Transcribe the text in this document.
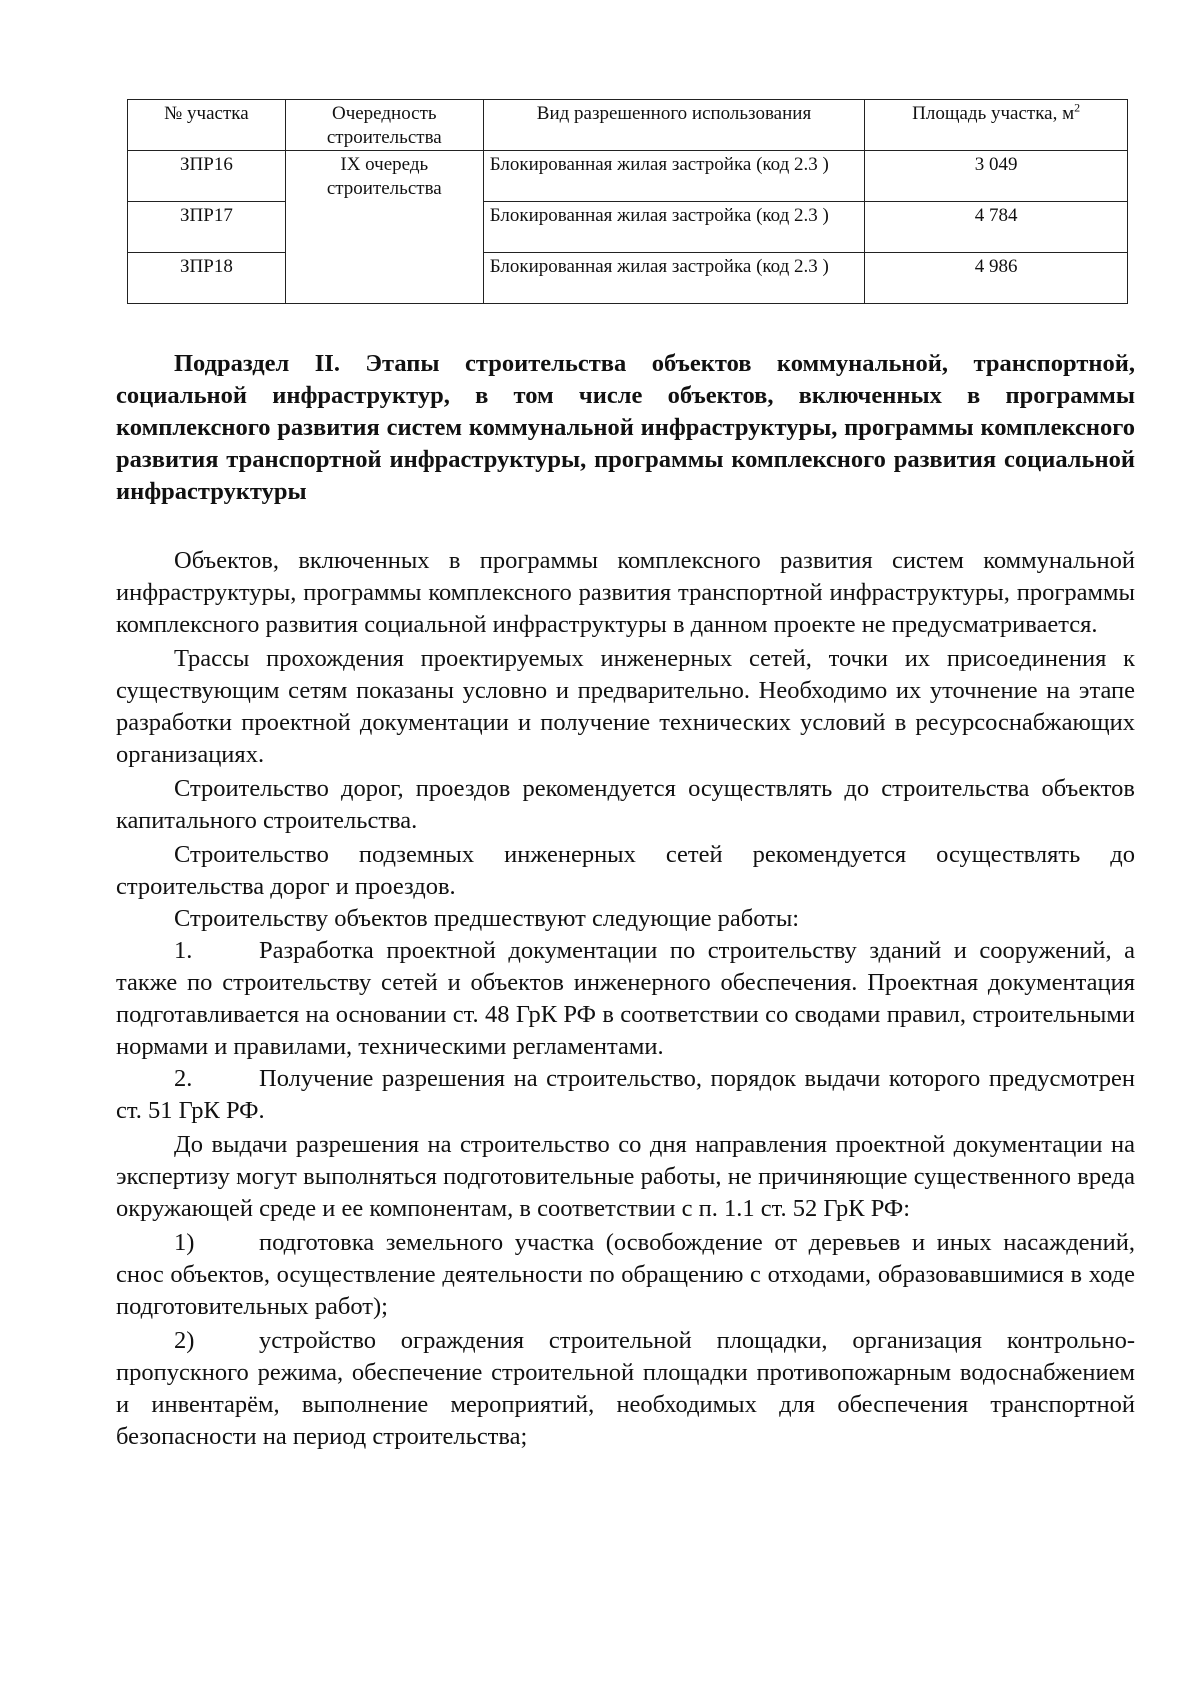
№ участка	Очередность строительства	Вид разрешенного использования	Площадь участка, $м^2$
ЗПР16	IX очередь строительства	Блокированная жилая застройка (код 2.3 )	3 049
ЗПР17		Блокированная жилая застройка (код 2.3 )	4 784
ЗПР18		Блокированная жилая застройка (код 2.3 )	4 986
Подраздел II. Этапы строительства объектов коммунальной, транспортной, социальной инфраструктур, в том числе объектов, включенных в программы комплексного развития систем коммунальной инфраструктуры, программы комплексного развития транспортной инфраструктуры, программы комплексного развития социальной инфраструктуры

Объектов, включенных в программы комплексного развития систем коммунальной инфраструктуры, программы комплексного развития транспортной инфраструктуры, программы комплексного развития социальной инфраструктуры в данном проекте не предусматривается.

Трассы прохождения проектируемых инженерных сетей, точки их присоединения к существующим сетям показаны условно и предварительно. Необходимо их уточнение на этапе разработки проектной документации и получение технических условий в ресурсоснабжающих организациях.

Строительство дорог, проездов рекомендуется осуществлять до строительства объектов капитального строительства.

Строительство подземных инженерных сетей рекомендуется осуществлять до строительства дорог и проездов.

Строительству объектов предшествуют следующие работы:

1.	Разработка проектной документации по строительству зданий и сооружений, а также по строительству сетей и объектов инженерного обеспечения. Проектная документация подготавливается на основании ст. 48 ГрК РФ в соответствии со сводами правил, строительными нормами и правилами, техническими регламентами.

2.	Получение разрешения на строительство, порядок выдачи которого предусмотрен ст. 51 ГрК РФ.

До выдачи разрешения на строительство со дня направления проектной документации на экспертизу могут выполняться подготовительные работы, не причиняющие существенного вреда окружающей среде и ее компонентам, в соответствии с п. 1.1 ст. 52 ГрК РФ:

1)	подготовка земельного участка (освобождение от деревьев и иных насаждений, снос объектов, осуществление деятельности по обращению с отходами, образовавшимися в ходе подготовительных работ);

2)	устройство ограждения строительной площадки, организация контрольно-пропускного режима, обеспечение строительной площадки противопожарным водоснабжением и инвентарём, выполнение мероприятий, необходимых для обеспечения транспортной безопасности на период строительства;
